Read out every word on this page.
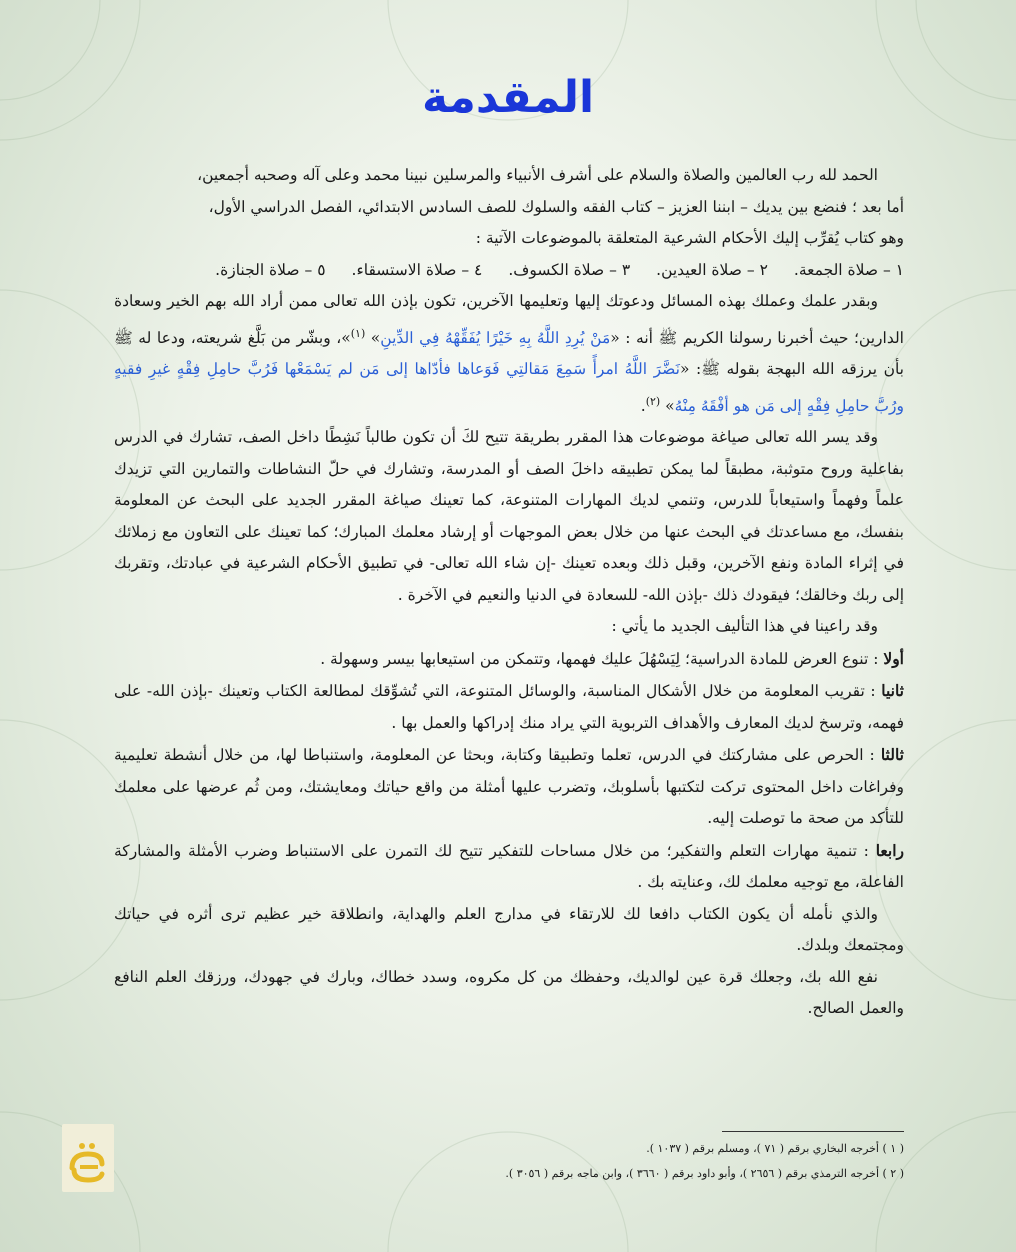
المقدمة

الحمد لله رب العالمين والصلاة والسلام على أشرف الأنبياء والمرسلين نبينا محمد وعلى آله وصحبه أجمعين،

أما بعد ؛ فنضع بين يديك – ابننا العزيز – كتاب الفقه والسلوك للصف السادس الابتدائي، الفصل الدراسي الأول،

وهو كتاب يُقرِّب إليك الأحكام الشرعية المتعلقة بالموضوعات الآتية :

١ – صلاة الجمعة.
٢ – صلاة العيدين.
٣ – صلاة الكسوف.
٤ – صلاة الاستسقاء.
٥ – صلاة الجنازة.

وبقدر علمك وعملك بهذه المسائل ودعوتك إليها وتعليمها الآخرين، تكون بإذن الله تعالى ممن أراد الله بهم الخير وسعادة الدارين؛ حيث أخبرنا رسولنا الكريم ﷺ أنه : «مَنْ يُرِدِ اللَّهُ بِهِ خَيْرًا يُفَقِّهْهُ فِي الدِّينِ» $^{(١)}$»، وبشّر من بَلَّغ شريعته، ودعا له ﷺ بأن يرزقه الله البهجة بقوله ﷺ: «نَضَّرَ اللَّهُ امرأً سَمِعَ مَقالتِي فَوَعاها فأدّاها إلى مَن لم يَسْمَعْها فَرُبَّ حامِلِ فِقْهٍ غيرِ فقيهٍ ورُبَّ حامِلِ فِقْهٍ إلى مَن هو أفْقَهُ مِنْهُ» $^{(٢)}$.

وقد يسر الله تعالى صياغة موضوعات هذا المقرر بطريقة تتيح لكَ أن تكون طالباً نَشِطًا داخل الصف، تشارك في الدرس بفاعلية وروح متوثبة، مطبقاً لما يمكن تطبيقه داخلَ الصف أو المدرسة، وتشارك في حلّ النشاطات والتمارين التي تزيدك علماً وفهماً واستيعاباً للدرس، وتنمي لديك المهارات المتنوعة، كما تعينك صياغة المقرر الجديد على البحث عن المعلومة بنفسك، مع مساعدتك في البحث عنها من خلال بعض الموجهات أو إرشاد معلمك المبارك؛ كما تعينك على التعاون مع زملائك في إثراء المادة ونفع الآخرين، وقبل ذلك وبعده تعينك -إن شاء الله تعالى- في تطبيق الأحكام الشرعية في عبادتك، وتقربك إلى ربك وخالقك؛ فيقودك ذلك -بإذن الله- للسعادة في الدنيا والنعيم في الآخرة .

وقد راعينا في هذا التأليف الجديد ما يأتي :

أولا : تنوع العرض للمادة الدراسية؛ لِيَسْهُلَ عليك فهمها، وتتمكن من استيعابها بيسر وسهولة .

ثانيا : تقريب المعلومة من خلال الأشكال المناسبة، والوسائل المتنوعة، التي تُشوِّقك لمطالعة الكتاب وتعينك -بإذن الله- على فهمه، وترسخ لديك المعارف والأهداف التربوية التي يراد منك إدراكها والعمل بها .

ثالثا : الحرص على مشاركتك في الدرس، تعلما وتطبيقا وكتابة، وبحثا عن المعلومة، واستنباطا لها، من خلال أنشطة تعليمية وفراغات داخل المحتوى تركت لتكتبها بأسلوبك، وتضرب عليها أمثلة من واقع حياتك ومعايشتك، ومن ثُم عرضها على معلمك للتأكد من صحة ما توصلت إليه.

رابعا : تنمية مهارات التعلم والتفكير؛ من خلال مساحات للتفكير تتيح لك التمرن على الاستنباط وضرب الأمثلة والمشاركة الفاعلة، مع توجيه معلمك لك، وعنايته بك .

والذي نأمله أن يكون الكتاب دافعا لك للارتقاء في مدارج العلم والهداية، وانطلاقة خير عظيم ترى أثره في حياتك ومجتمعك وبلدك.

نفع الله بك، وجعلك قرة عين لوالديك، وحفظك من كل مكروه، وسدد خطاك، وبارك في جهودك، ورزقك العلم النافع والعمل الصالح.

( ١ ) أخرجه البخاري برقم ( ٧١ )، ومسلم برقم ( ١٠٣٧ ).

( ٢ ) أخرجه الترمذي برقم ( ٢٦٥٦ )، وأبو داود برقم ( ٣٦٦٠ )، وابن ماجه برقم ( ٣٠٥٦ ).
